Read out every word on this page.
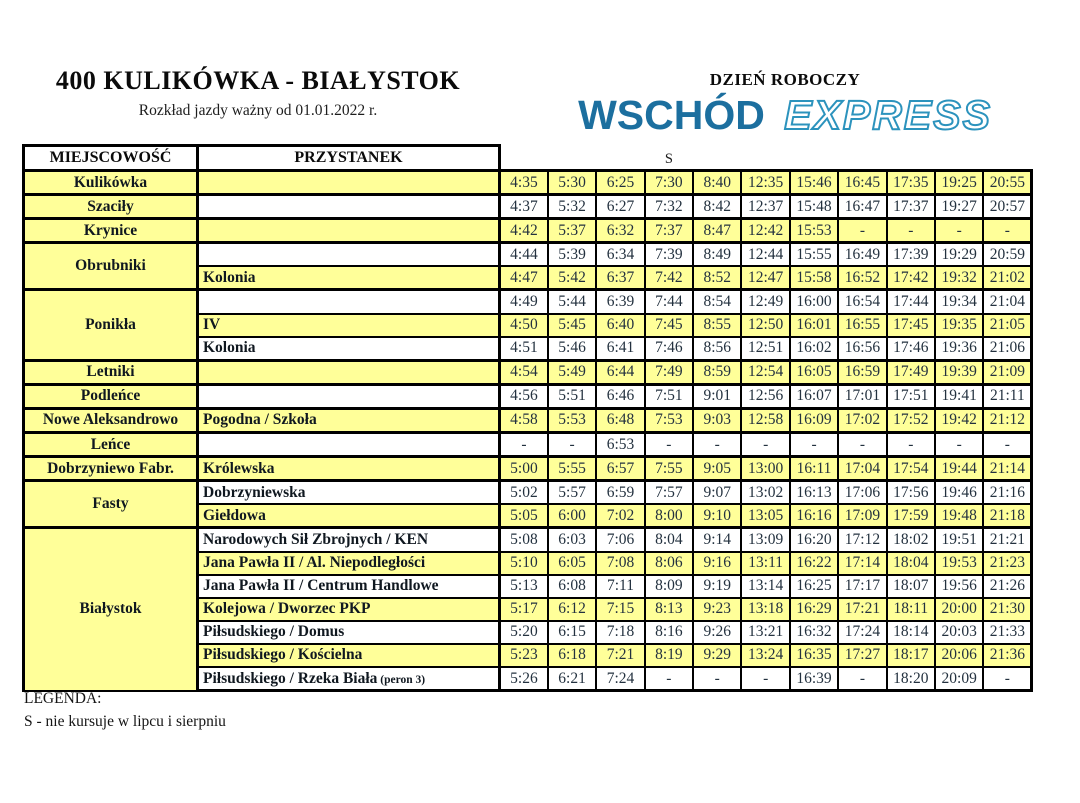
400 KULIKÓWKA - BIAŁYSTOK
Rozkład jazdy ważny od 01.01.2022 r.
DZIEŃ ROBOCZY
WSCHÓD EXPRESS
MIEJSCOWOŚĆ	PRZYSTANEK				S							
Kulikówka		4:35	5:30	6:25	7:30	8:40	12:35	15:46	16:45	17:35	19:25	20:55
Szaciły		4:37	5:32	6:27	7:32	8:42	12:37	15:48	16:47	17:37	19:27	20:57
Krynice		4:42	5:37	6:32	7:37	8:47	12:42	15:53	-	-	-	-
Obrubniki		4:44	5:39	6:34	7:39	8:49	12:44	15:55	16:49	17:39	19:29	20:59
	Kolonia	4:47	5:42	6:37	7:42	8:52	12:47	15:58	16:52	17:42	19:32	21:02
Ponikła		4:49	5:44	6:39	7:44	8:54	12:49	16:00	16:54	17:44	19:34	21:04
	IV	4:50	5:45	6:40	7:45	8:55	12:50	16:01	16:55	17:45	19:35	21:05
	Kolonia	4:51	5:46	6:41	7:46	8:56	12:51	16:02	16:56	17:46	19:36	21:06
Letniki		4:54	5:49	6:44	7:49	8:59	12:54	16:05	16:59	17:49	19:39	21:09
Podleńce		4:56	5:51	6:46	7:51	9:01	12:56	16:07	17:01	17:51	19:41	21:11
Nowe Aleksandrowo	Pogodna / Szkoła	4:58	5:53	6:48	7:53	9:03	12:58	16:09	17:02	17:52	19:42	21:12
Leńce		-	-	6:53	-	-	-	-	-	-	-	-
Dobrzyniewo Fabr.	Królewska	5:00	5:55	6:57	7:55	9:05	13:00	16:11	17:04	17:54	19:44	21:14
Fasty	Dobrzyniewska	5:02	5:57	6:59	7:57	9:07	13:02	16:13	17:06	17:56	19:46	21:16
	Giełdowa	5:05	6:00	7:02	8:00	9:10	13:05	16:16	17:09	17:59	19:48	21:18
Białystok	Narodowych Sił Zbrojnych / KEN	5:08	6:03	7:06	8:04	9:14	13:09	16:20	17:12	18:02	19:51	21:21
	Jana Pawła II / Al. Niepodległości	5:10	6:05	7:08	8:06	9:16	13:11	16:22	17:14	18:04	19:53	21:23
	Jana Pawła II / Centrum Handlowe	5:13	6:08	7:11	8:09	9:19	13:14	16:25	17:17	18:07	19:56	21:26
	Kolejowa / Dworzec PKP	5:17	6:12	7:15	8:13	9:23	13:18	16:29	17:21	18:11	20:00	21:30
	Piłsudskiego / Domus	5:20	6:15	7:18	8:16	9:26	13:21	16:32	17:24	18:14	20:03	21:33
	Piłsudskiego / Kościelna	5:23	6:18	7:21	8:19	9:29	13:24	16:35	17:27	18:17	20:06	21:36
	Piłsudskiego / Rzeka Biała (peron 3)	5:26	6:21	7:24	-	-	-	16:39	-	18:20	20:09	-
LEGENDA:
S - nie kursuje w lipcu i sierpniu
